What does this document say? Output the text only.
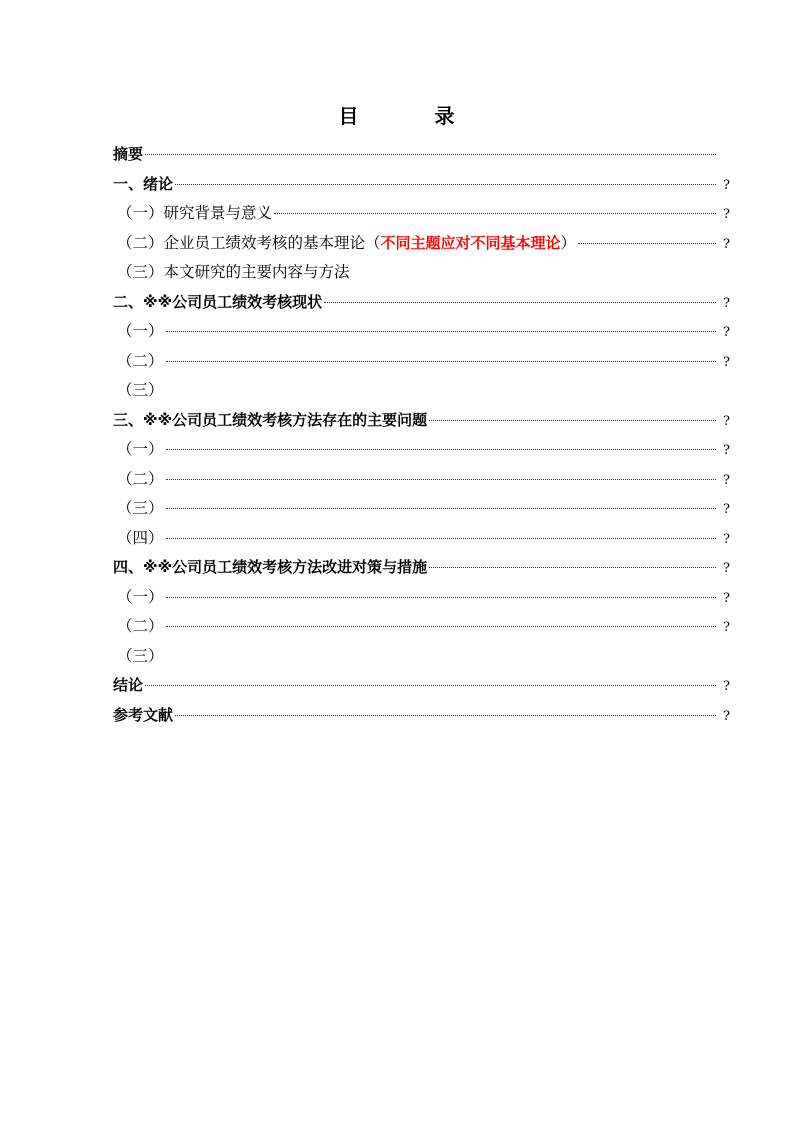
目　录
摘要
一、绪论	?
（一）研究背景与意义	?
（二）企业员工绩效考核的基本理论（不同主题应对不同基本理论）	?
（三）本文研究的主要内容与方法
二、※※公司员工绩效考核现状	?
（一）	?
（二）	?
（三）
三、※※公司员工绩效考核方法存在的主要问题	?
（一）	?
（二）	?
（三）	?
（四）	?
四、※※公司员工绩效考核方法改进对策与措施	?
（一）	?
（二）	?
（三）
结论	?
参考文献	?
